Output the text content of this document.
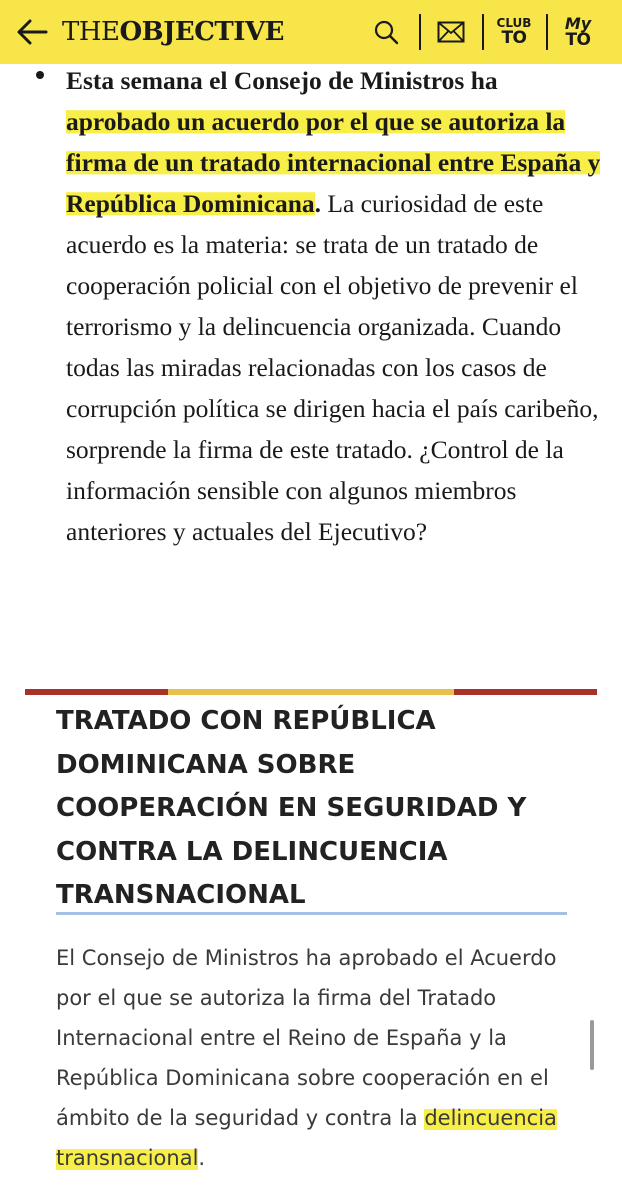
THEOBJECTIVE	CLUB
TO
My
TO
Esta semana el Consejo de Ministros ha aprobado un acuerdo por el que se autoriza la firma de un tratado internacional entre España y República Dominicana. La curiosidad de este acuerdo es la materia: se trata de un tratado de cooperación policial con el objetivo de prevenir el terrorismo y la delincuencia organizada. Cuando todas las miradas relacionadas con los casos de corrupción política se dirigen hacia el país caribeño, sorprende la firma de este tratado. ¿Control de la información sensible con algunos miembros anteriores y actuales del Ejecutivo?
TRATADO CON REPÚBLICA DOMINICANA SOBRE COOPERACIÓN EN SEGURIDAD Y CONTRA LA DELINCUENCIA TRANSNACIONAL
El Consejo de Ministros ha aprobado el Acuerdo por el que se autoriza la firma del Tratado Internacional entre el Reino de España y la República Dominicana sobre cooperación en el ámbito de la seguridad y contra la delincuencia transnacional.
